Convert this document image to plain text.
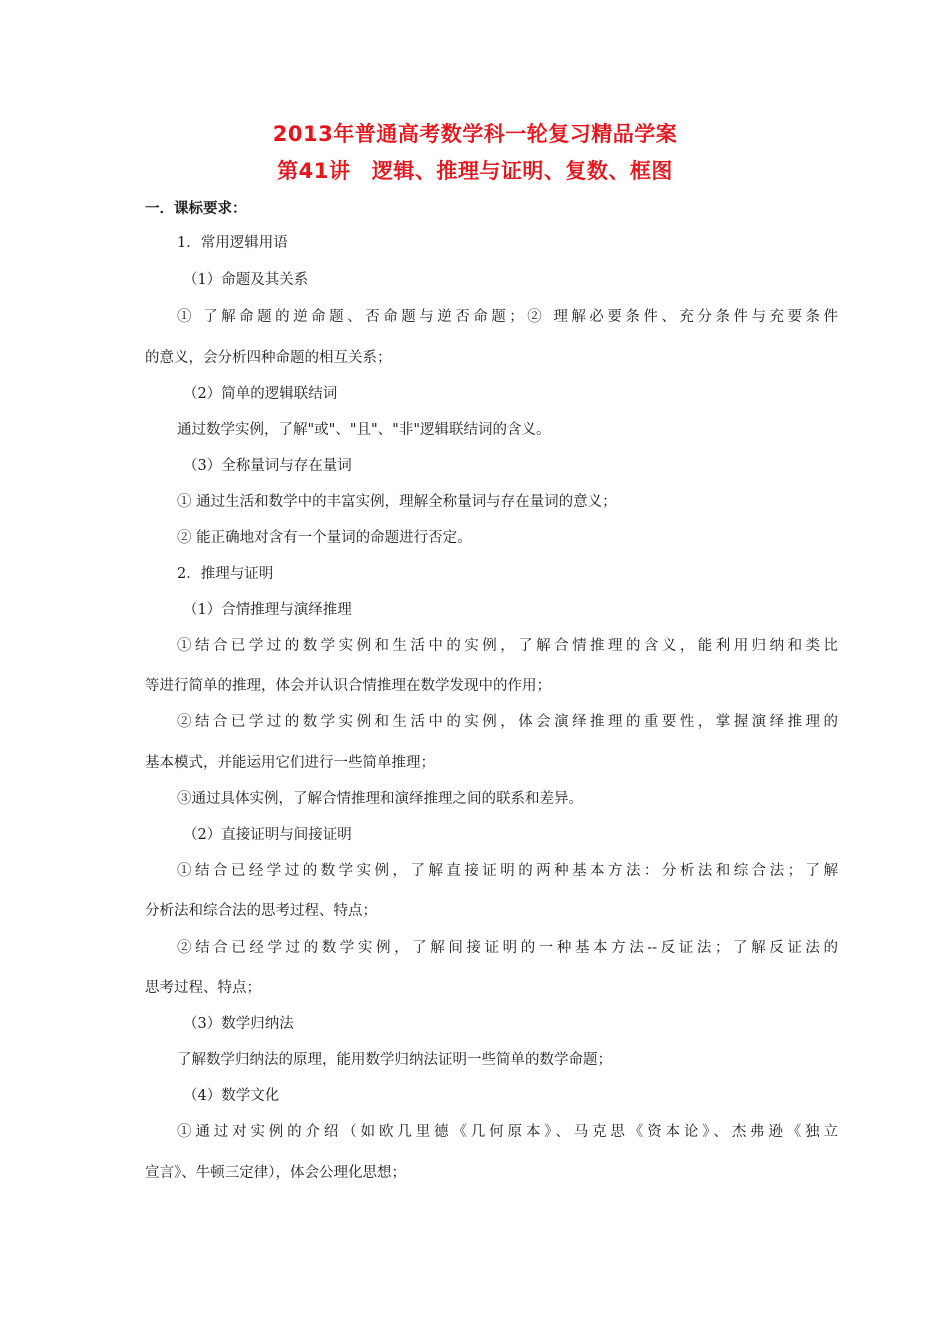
2013年普通高考数学科一轮复习精品学案
第41讲　逻辑、推理与证明、复数、框图
一．课标要求：
1．常用逻辑用语
（1）命题及其关系
① 了解命题的逆命题、否命题与逆否命题；② 理解必要条件、充分条件与充要条件
的意义，会分析四种命题的相互关系；
（2）简单的逻辑联结词
通过数学实例，了解"或"、"且"、"非"逻辑联结词的含义。
（3）全称量词与存在量词
① 通过生活和数学中的丰富实例，理解全称量词与存在量词的意义；
② 能正确地对含有一个量词的命题进行否定。
2．推理与证明
（1）合情推理与演绎推理
①结合已学过的数学实例和生活中的实例，了解合情推理的含义，能利用归纳和类比
等进行简单的推理，体会并认识合情推理在数学发现中的作用；
②结合已学过的数学实例和生活中的实例，体会演绎推理的重要性，掌握演绎推理的
基本模式，并能运用它们进行一些简单推理；
③通过具体实例，了解合情推理和演绎推理之间的联系和差异。
（2）直接证明与间接证明
①结合已经学过的数学实例，了解直接证明的两种基本方法：分析法和综合法；了解
分析法和综合法的思考过程、特点；
②结合已经学过的数学实例，了解间接证明的一种基本方法--反证法；了解反证法的
思考过程、特点；
（3）数学归纳法
了解数学归纳法的原理，能用数学归纳法证明一些简单的数学命题；
（4）数学文化
①通过对实例的介绍（如欧几里德《几何原本》、马克思《资本论》、杰弗逊《独立
宣言》、牛顿三定律），体会公理化思想；
